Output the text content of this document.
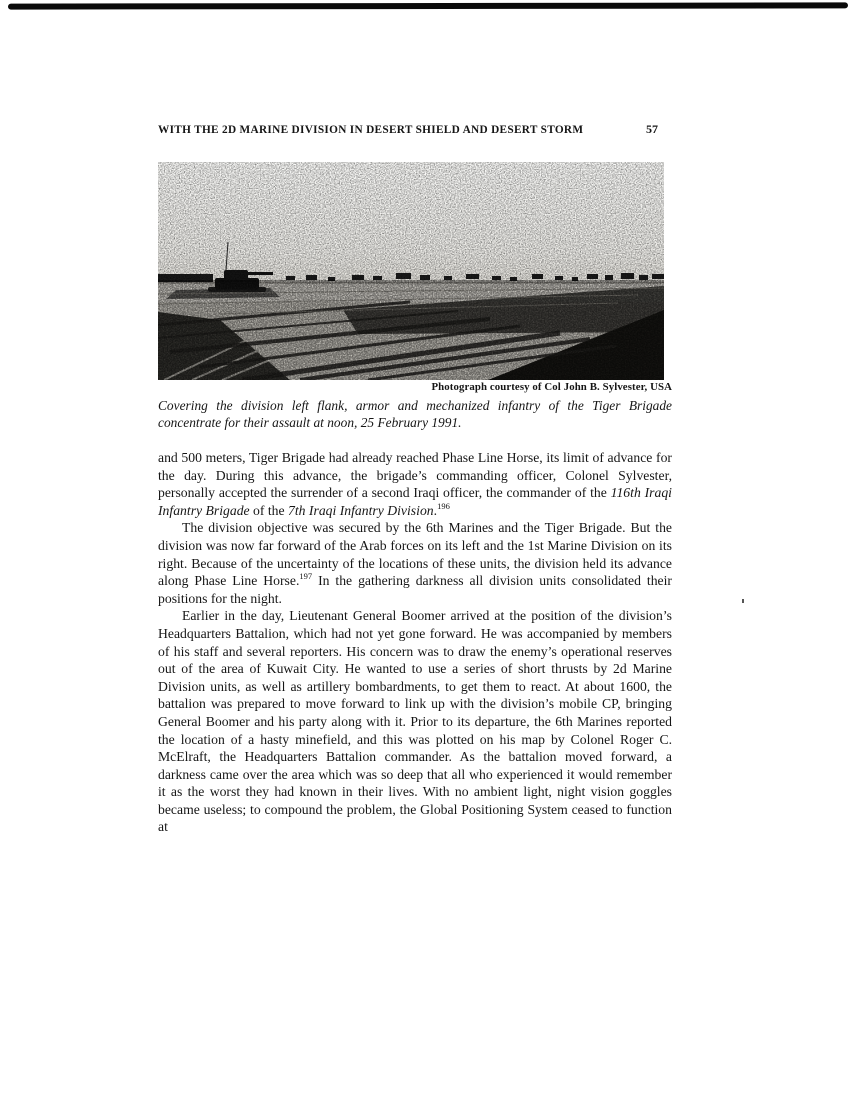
WITH THE 2D MARINE DIVISION IN DESERT SHIELD AND DESERT STORM	57
Photograph courtesy of Col John B. Sylvester, USA
Covering the division left flank, armor and mechanized infantry of the Tiger Brigade concentrate for their assault at noon, 25 February 1991.

and 500 meters, Tiger Brigade had already reached Phase Line Horse, its limit of advance for the day. During this advance, the brigade’s commanding officer, Colonel Sylvester, personally accepted the surrender of a second Iraqi officer, the commander of the 116th Iraqi Infantry Brigade of the 7th Iraqi Infantry Division.$^{196}$

The division objective was secured by the 6th Marines and the Tiger Brigade. But the division was now far forward of the Arab forces on its left and the 1st Marine Division on its right. Because of the uncertainty of the locations of these units, the division held its advance along Phase Line Horse.$^{197}$ In the gathering darkness all division units consolidated their positions for the night.

Earlier in the day, Lieutenant General Boomer arrived at the position of the division’s Headquarters Battalion, which had not yet gone forward. He was accompanied by members of his staff and several reporters. His concern was to draw the enemy’s operational reserves out of the area of Kuwait City. He wanted to use a series of short thrusts by 2d Marine Division units, as well as artillery bombardments, to get them to react. At about 1600, the battalion was prepared to move forward to link up with the division’s mobile CP, bringing General Boomer and his party along with it. Prior to its departure, the 6th Marines reported the location of a hasty minefield, and this was plotted on his map by Colonel Roger C. McElraft, the Headquarters Battalion commander. As the battalion moved forward, a darkness came over the area which was so deep that all who experienced it would remember it as the worst they had known in their lives. With no ambient light, night vision goggles became useless; to compound the problem, the Global Positioning System ceased to function at
